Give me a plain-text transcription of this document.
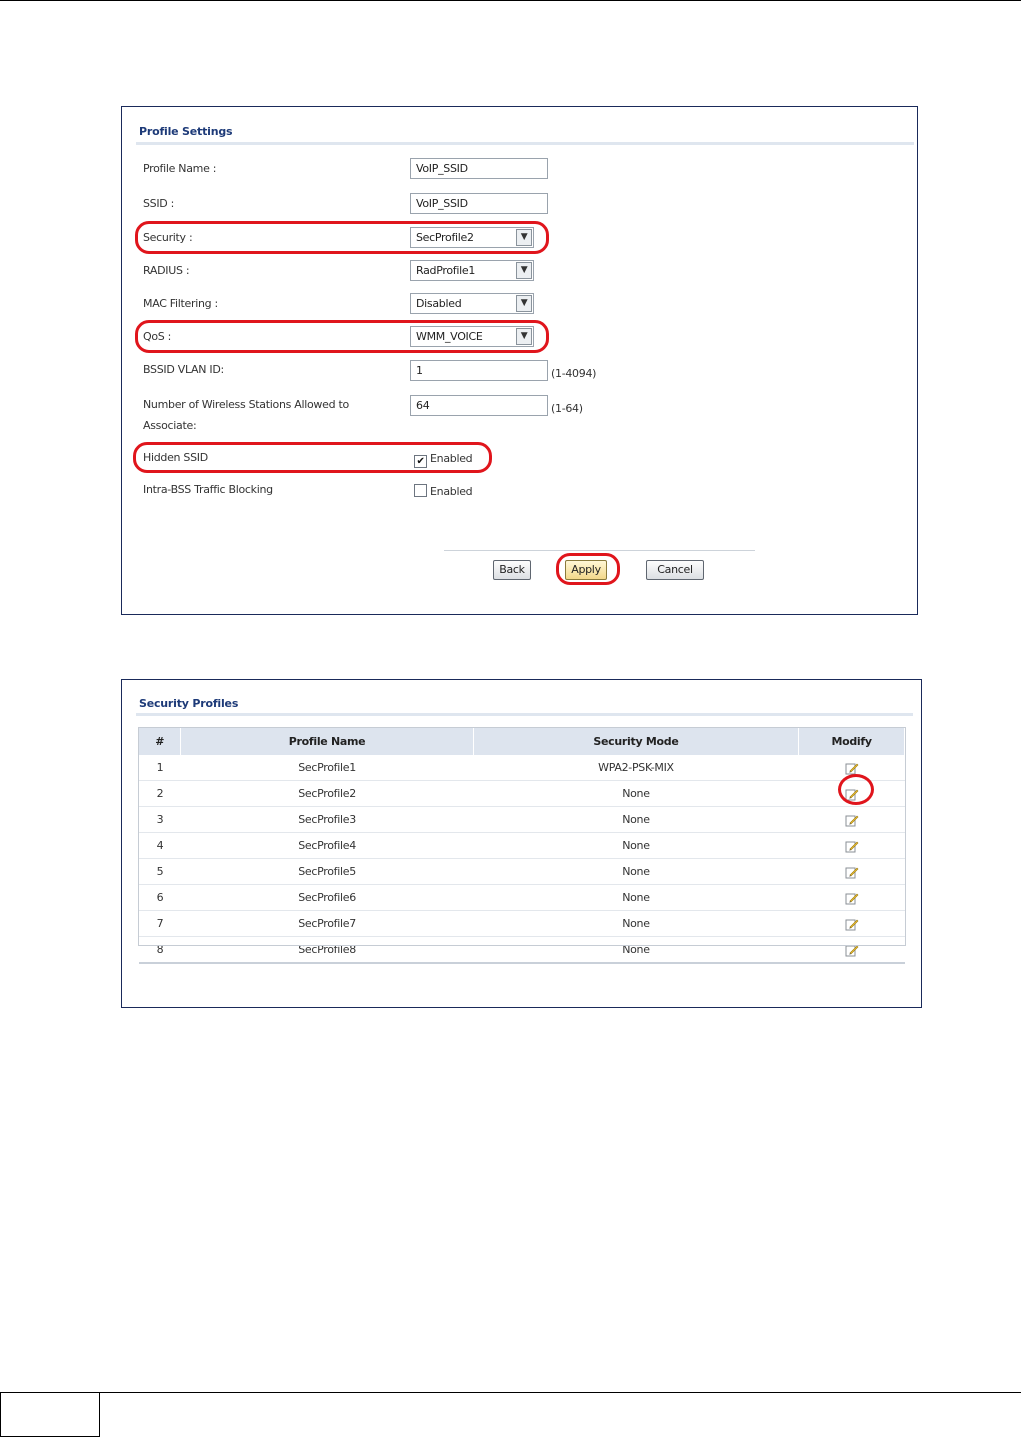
Profile Settings
Profile Name :	VoIP_SSID
SSID :	VoIP_SSID
Security :	SecProfile2	▼
RADIUS :	RadProfile1	▼
MAC Filtering :	Disabled	▼
QoS :	WMM_VOICE	▼
BSSID VLAN ID:	1	(1-4094)
Number of Wireless Stations Allowed to
Associate:
64	(1-64)
Hidden SSID	✔ Enabled
Intra-BSS Traffic Blocking	Enabled
Back	Apply	Cancel
Security Profiles
#	Profile Name	Security Mode	Modify
1	SecProfile1	WPA2-PSK-MIX	
2	SecProfile2	None	
3	SecProfile3	None	
4	SecProfile4	None	
5	SecProfile5	None	
6	SecProfile6	None	
7	SecProfile7	None	
8	SecProfile8	None	
